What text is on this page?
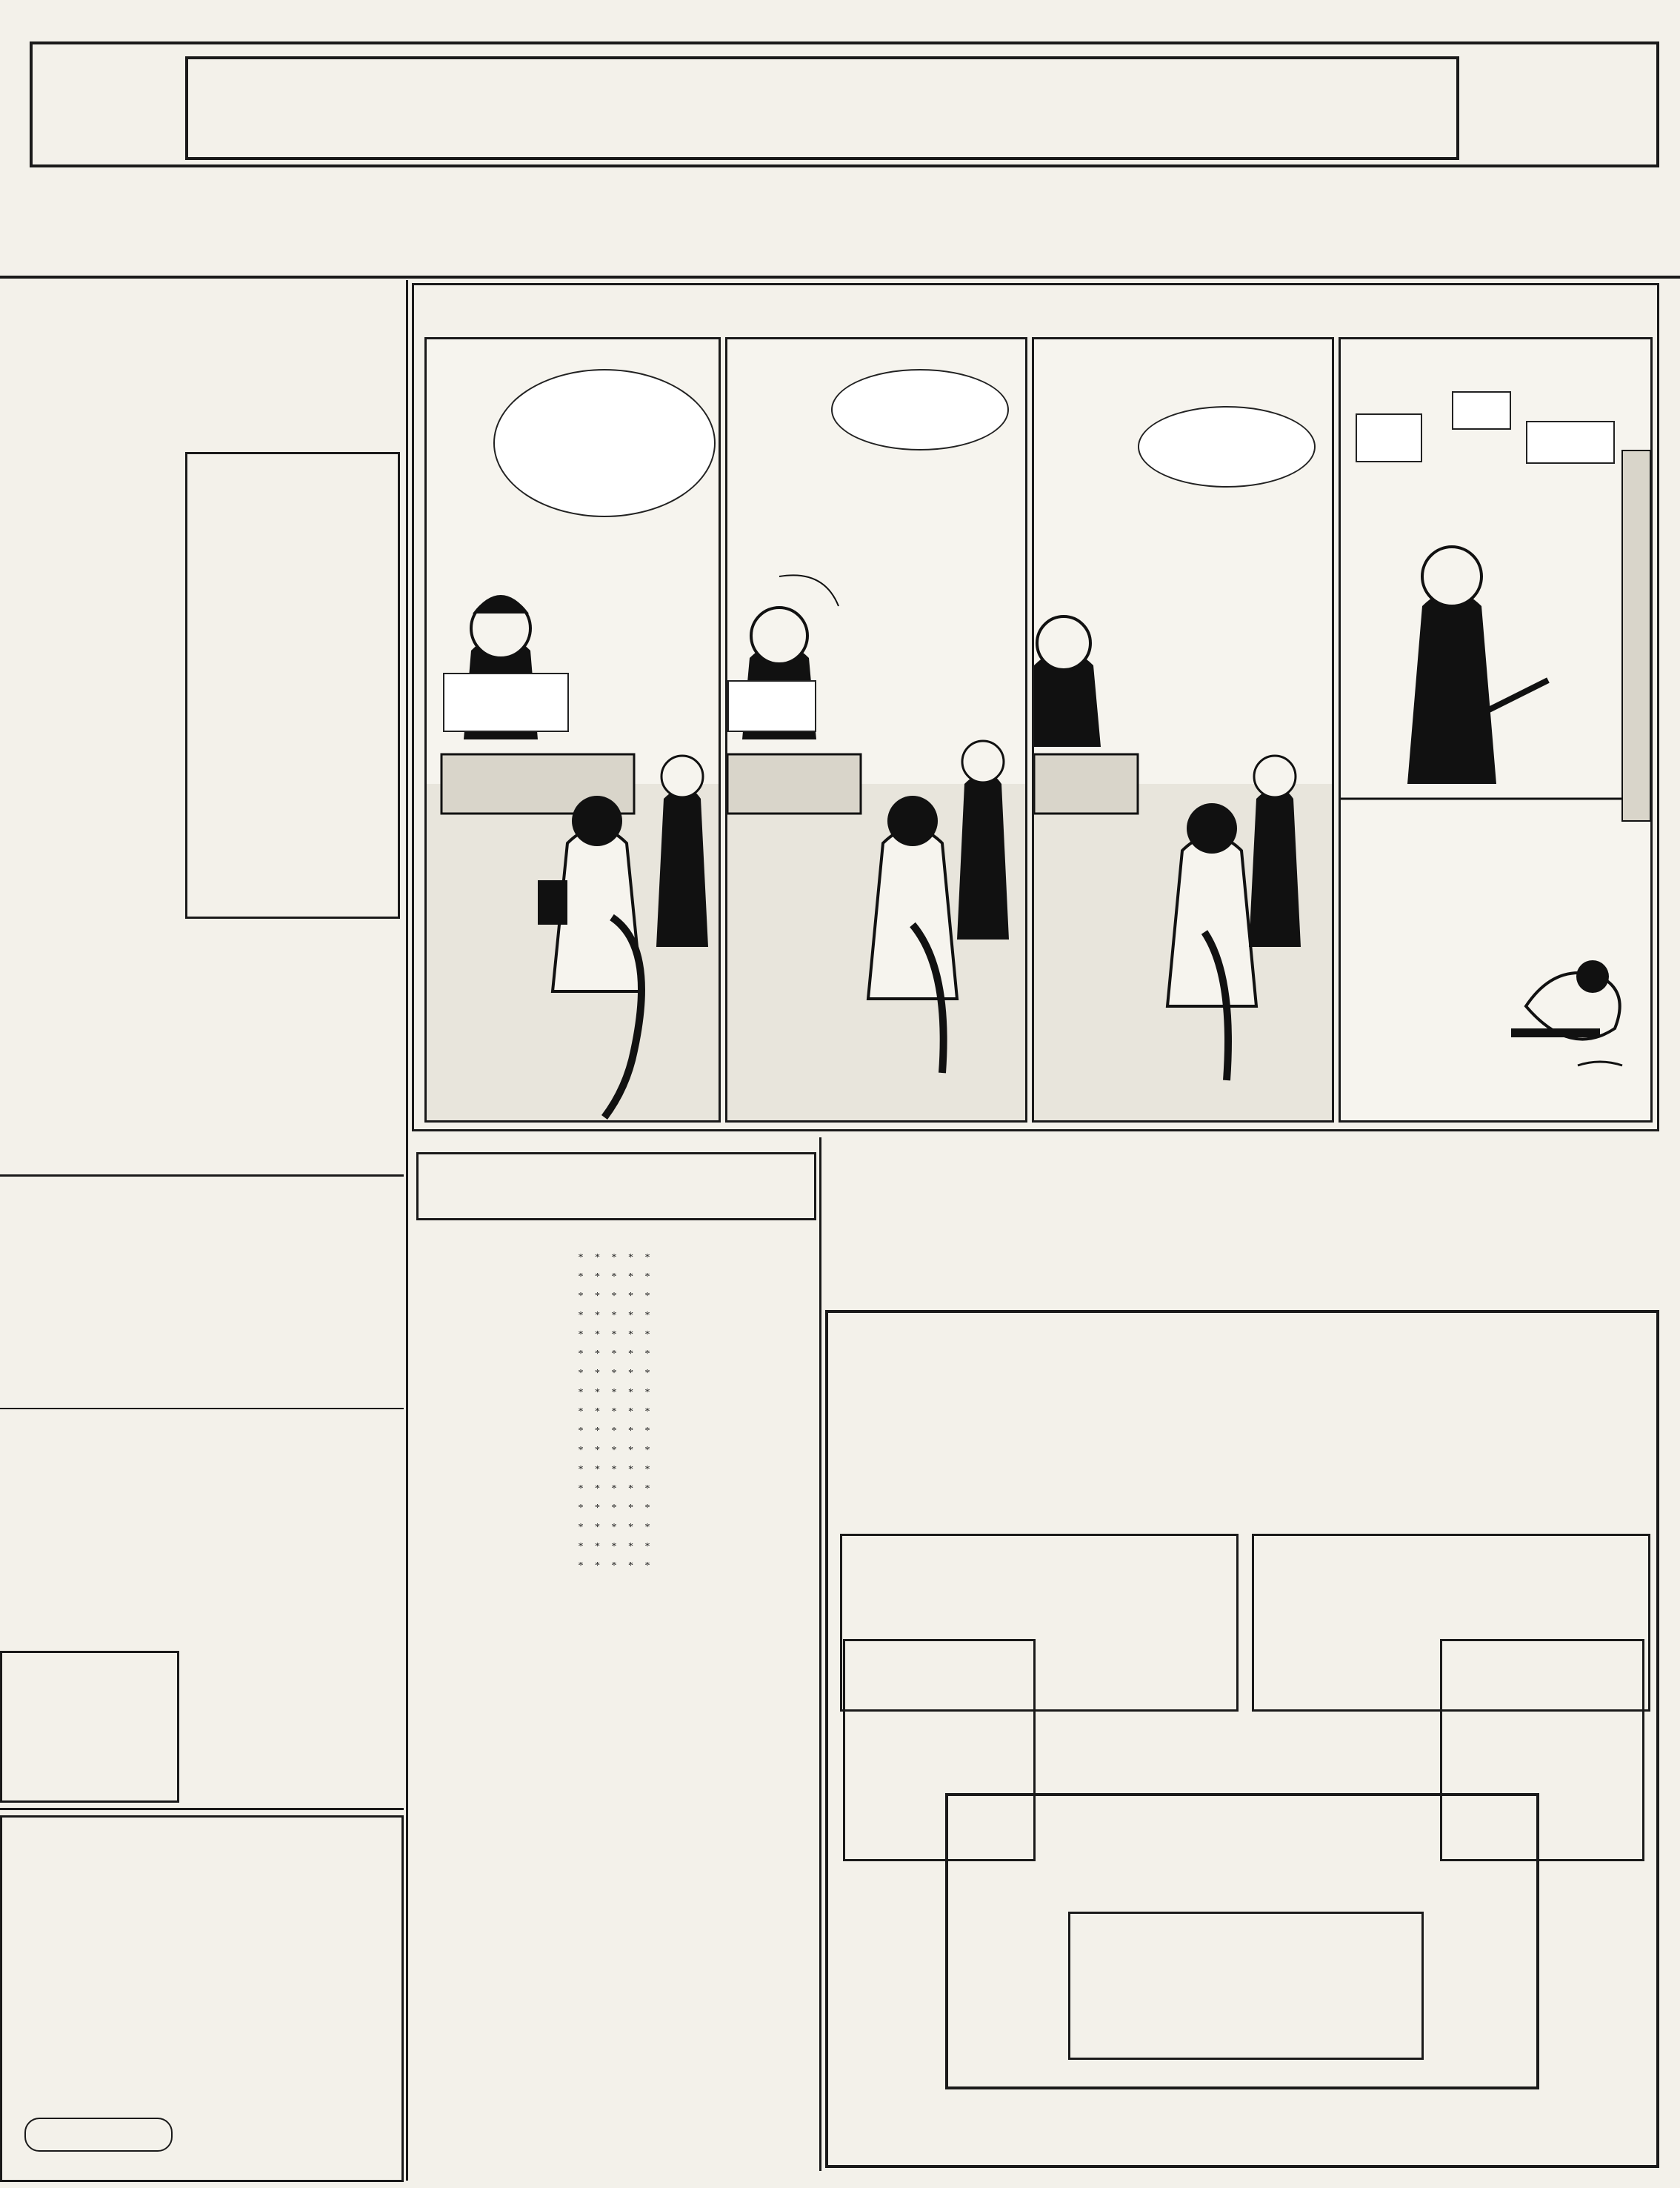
* * * * *

* * * * *

* * * * *

* * * * *

* * * * *

* * * * *

* * * * *

* * * * *

* * * * *

* * * * *

* * * * *

* * * * *

* * * * *

* * * * *

* * * * *

* * * * *

* * * * *
